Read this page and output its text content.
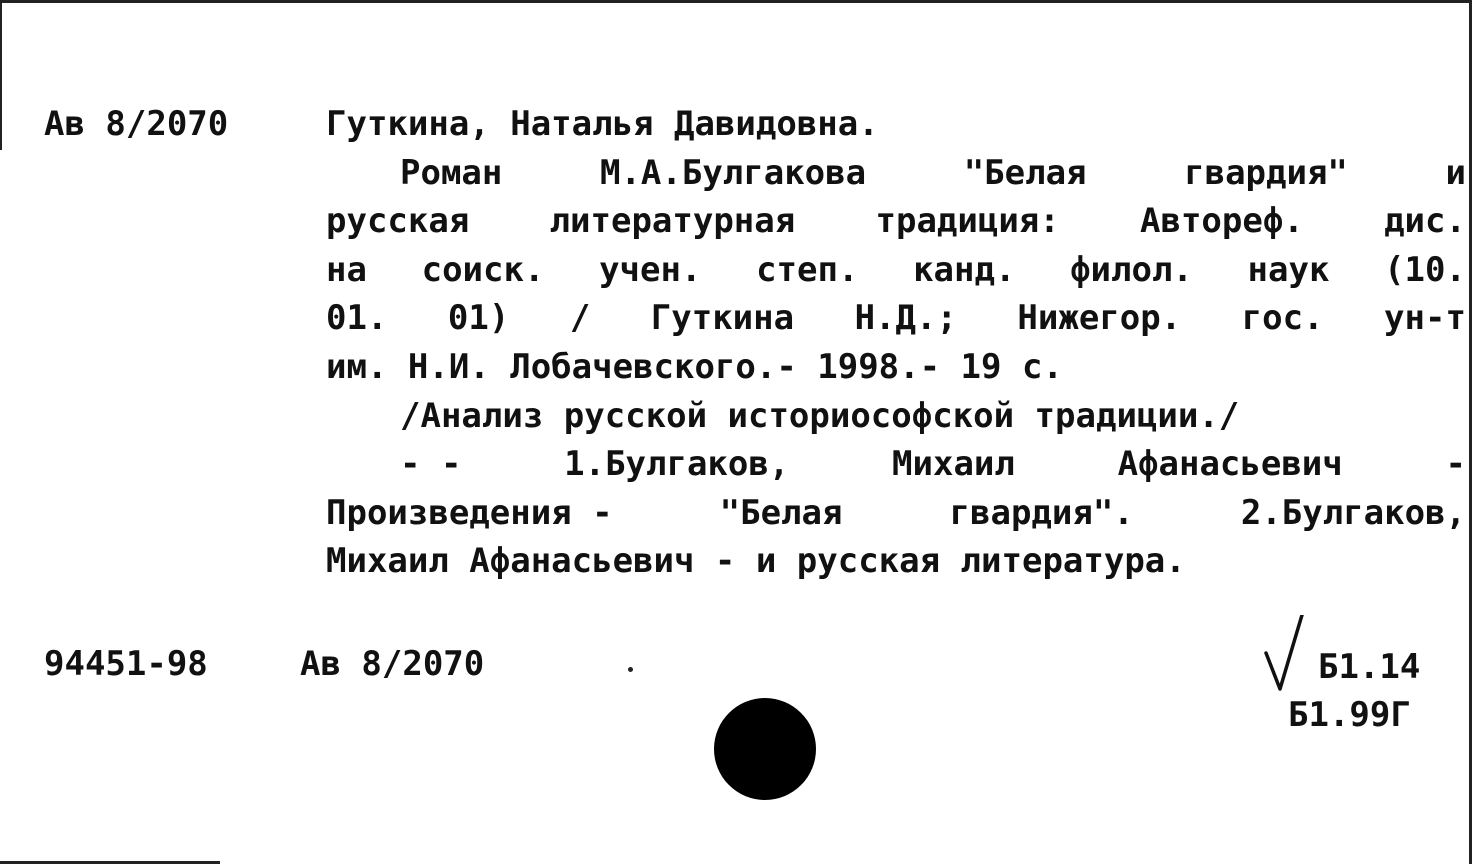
Ав 8/2070	Гуткина, Наталья Давидовна.
Роман	М.А.Булгакова	"Белая	гвардия"	и
русская литературная традиция: Автореф. дис.
на соиск. учен. степ. канд. филол. наук (10.
01. 01) / Гуткина Н.Д.; Нижегор. гос. ун-т
им. Н.И. Лобачевского.- 1998.- 19 с.
/Анализ русской историософской традиции./
- -	1.Булгаков,	Михаил	Афанасьевич	-
Произведения -	"Белая	гвардия".	2.Булгаков,
Михаил Афанасьевич - и русская литература.
94451-98	Ав 8/2070	Б1.14
Б1.99Г
